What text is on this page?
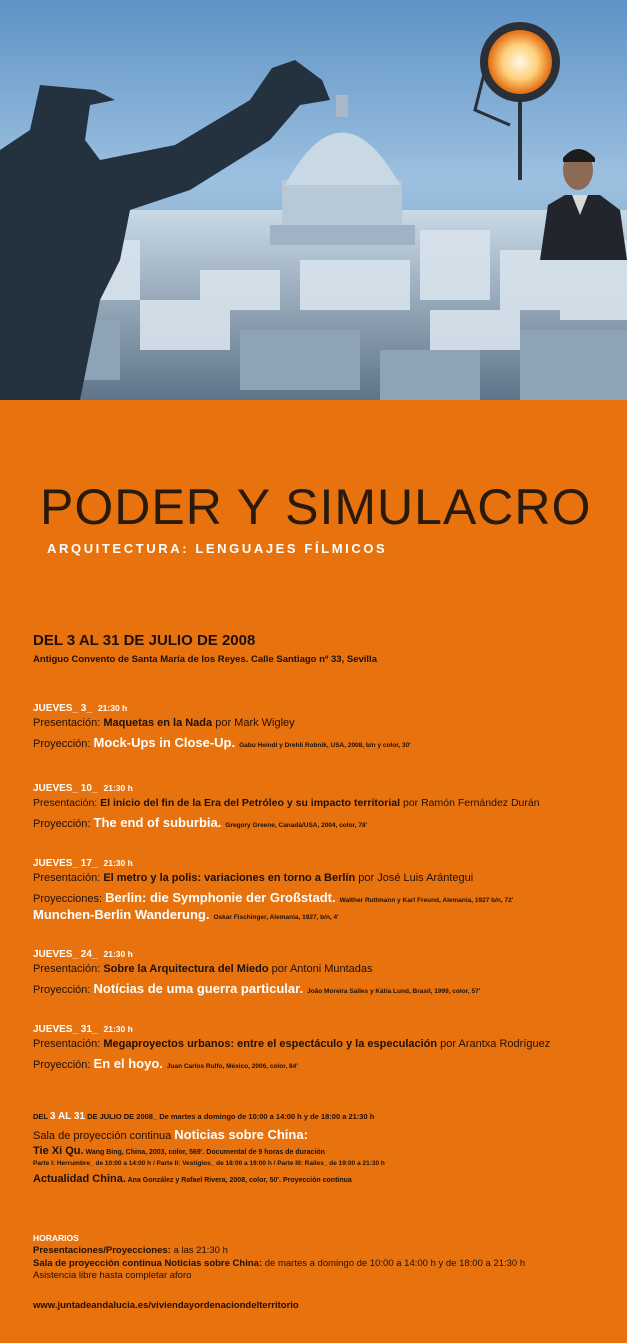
PODER Y SIMULACRO
ARQUITECTURA: LENGUAJES FÍLMICOS
DEL 3 AL 31 DE JULIO DE 2008
Antiguo Convento de Santa María de los Reyes. Calle Santiago nº 33, Sevilla
JUEVES_ 3_ 21:30 h
Presentación: Maquetas en la Nada por Mark Wigley
Proyección: Mock-Ups in Close-Up. Gabu Heindl y Drehli Robnik, USA, 2008, b/n y color, 30'
JUEVES_ 10_ 21:30 h
Presentación: El inicio del fin de la Era del Petróleo y su impacto territorial por Ramón Fernández Durán
Proyección: The end of suburbia. Gregory Greene, Canadá/USA, 2004, color, 78'
JUEVES_ 17_ 21:30 h
Presentación: El metro y la polis: variaciones en torno a Berlín por José Luis Arántegui
Proyecciones: Berlin: die Symphonie der Großstadt. Walther Ruttmann y Karl Freund, Alemania, 1927 b/n, 72'
Munchen-Berlin Wanderung. Oskar Fischinger, Alemania, 1927, b/n, 4'
JUEVES_ 24_ 21:30 h
Presentación: Sobre la Arquitectura del Miedo por Antoni Muntadas
Proyección: Notícias de uma guerra particular. João Moreira Salles y Kátia Lund, Brasil, 1999, color, 57'
JUEVES_ 31_ 21:30 h
Presentación: Megaproyectos urbanos: entre el espectáculo y la especulación por Arantxa Rodríguez
Proyección: En el hoyo. Juan Carlos Rulfo, México, 2006, color, 84'
DEL 3 AL 31 DE JULIO DE 2008_ De martes a domingo de 10:00 a 14:00 h y de 18:00 a 21:30 h
Sala de proyección continua Noticias sobre China:
Tie Xi Qu. Wang Bing, China, 2003, color, 569'. Documental de 9 horas de duración
Parte I: Herrumbre_ de 10:00 a 14:00 h / Parte II: Vestigios_ de 18:00 a 19:00 h / Parte III: Railes_ de 19:00 a 21:30 h
Actualidad China. Ana González y Rafael Rivera, 2008, color, 50'. Proyección continua
HORARIOS
Presentaciones/Proyecciones: a las 21:30 h
Sala de proyección continua Noticias sobre China: de martes a domingo de 10:00 a 14:00 h y de 18:00 a 21:30 h
Asistencia libre hasta completar aforo
www.juntadeandalucia.es/viviendayordenaciondelterritorio
